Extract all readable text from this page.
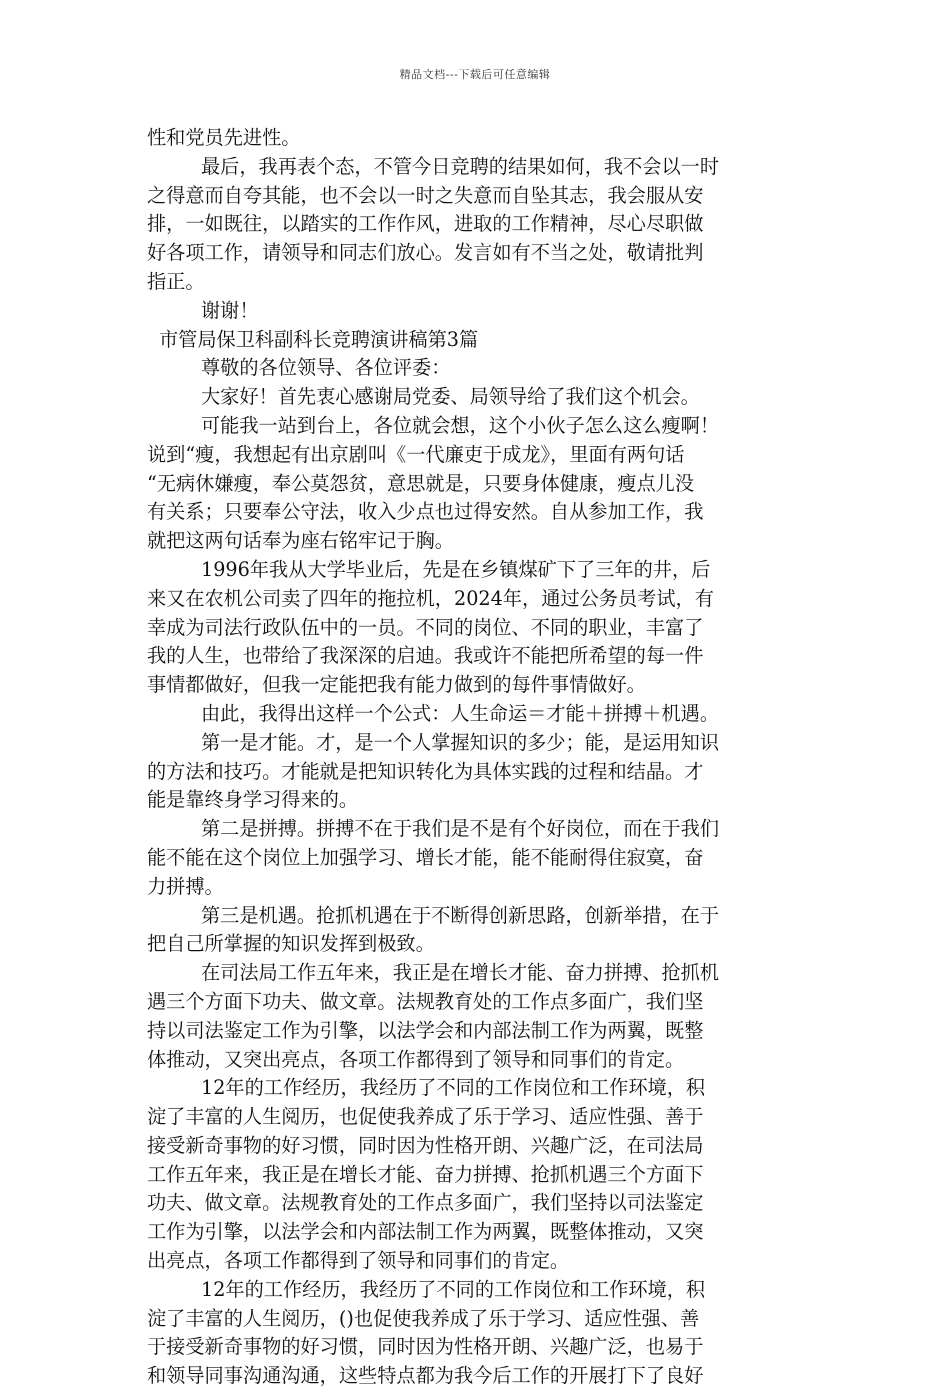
精品文档---下载后可任意编辑
性和党员先进性。
最后，我再表个态，不管今日竞聘的结果如何，我不会以一时
之得意而自夸其能，也不会以一时之失意而自坠其志，我会服从安
排，一如既往，以踏实的工作作风，进取的工作精神，尽心尽职做
好各项工作，请领导和同志们放心。发言如有不当之处，敬请批判
指正。
谢谢！
市管局保卫科副科长竞聘演讲稿第3篇
尊敬的各位领导、各位评委：
大家好！首先衷心感谢局党委、局领导给了我们这个机会。
可能我一站到台上，各位就会想，这个小伙子怎么这么瘦啊！
说到“瘦，我想起有出京剧叫《一代廉吏于成龙》，里面有两句话
“无病休嫌瘦，奉公莫怨贫，意思就是，只要身体健康，瘦点儿没
有关系；只要奉公守法，收入少点也过得安然。自从参加工作，我
就把这两句话奉为座右铭牢记于胸。
1996年我从大学毕业后，先是在乡镇煤矿下了三年的井，后
来又在农机公司卖了四年的拖拉机，2024年，通过公务员考试，有
幸成为司法行政队伍中的一员。不同的岗位、不同的职业，丰富了
我的人生，也带给了我深深的启迪。我或许不能把所希望的每一件
事情都做好，但我一定能把我有能力做到的每件事情做好。
由此，我得出这样一个公式：人生命运＝才能＋拼搏＋机遇。
第一是才能。才，是一个人掌握知识的多少；能，是运用知识
的方法和技巧。才能就是把知识转化为具体实践的过程和结晶。才
能是靠终身学习得来的。
第二是拼搏。拼搏不在于我们是不是有个好岗位，而在于我们
能不能在这个岗位上加强学习、增长才能，能不能耐得住寂寞，奋
力拼搏。
第三是机遇。抢抓机遇在于不断得创新思路，创新举措，在于
把自己所掌握的知识发挥到极致。
在司法局工作五年来，我正是在增长才能、奋力拼搏、抢抓机
遇三个方面下功夫、做文章。法规教育处的工作点多面广，我们坚
持以司法鉴定工作为引擎，以法学会和内部法制工作为两翼，既整
体推动，又突出亮点，各项工作都得到了领导和同事们的肯定。
12年的工作经历，我经历了不同的工作岗位和工作环境，积
淀了丰富的人生阅历，也促使我养成了乐于学习、适应性强、善于
接受新奇事物的好习惯，同时因为性格开朗、兴趣广泛，在司法局
工作五年来，我正是在增长才能、奋力拼搏、抢抓机遇三个方面下
功夫、做文章。法规教育处的工作点多面广，我们坚持以司法鉴定
工作为引擎，以法学会和内部法制工作为两翼，既整体推动，又突
出亮点，各项工作都得到了领导和同事们的肯定。
12年的工作经历，我经历了不同的工作岗位和工作环境，积
淀了丰富的人生阅历，()也促使我养成了乐于学习、适应性强、善
于接受新奇事物的好习惯，同时因为性格开朗、兴趣广泛，也易于
和领导同事沟通沟通，这些特点都为我今后工作的开展打下了良好
